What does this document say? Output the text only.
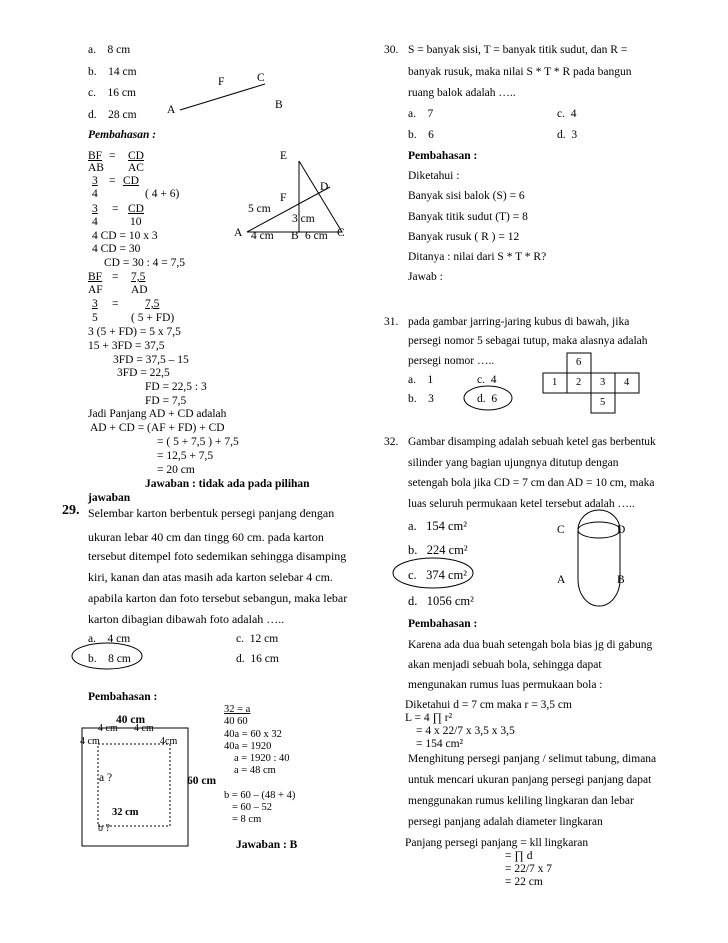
a. 8 cm
b. 14 cm
c. 16 cm
d. 28 cm
F	C
A	B
Pembahasan :
E
D
F
5 cm
3 cm
A 4 cm B 6 cm C
BF = CD
AB AC
3 = CD
4	( 4 + 6)
3 = CD
4	10
4 CD = 10 x 3
4 CD = 30
CD = 30 : 4 = 7,5
BF = 7,5
AF AD
3 = 7,5
5	( 5 + FD)
3 (5 + FD) = 5 x 7,5
15 + 3FD = 37,5
3FD = 37,5 – 15
3FD = 22,5
FD = 22,5 : 3
FD = 7,5
Jadi Panjang AD + CD adalah
AD + CD = (AF + FD) + CD
= ( 5 + 7,5 ) + 7,5
= 12,5 + 7,5
= 20 cm
Jawaban : tidak ada pada pilihan
jawaban
29. Selembar karton berbentuk persegi panjang dengan
ukuran lebar 40 cm dan tingg 60 cm. pada karton
tersebut ditempel foto sedemikan sehingga disamping
kiri, kanan dan atas masih ada karton selebar 4 cm.
apabila karton dan foto tersebut sebangun, maka lebar
karton dibagian dibawah foto adalah …..
a. 4 cm	c. 12 cm
b. 8 cm	d. 16 cm
Pembahasan :
40 cm
4 cm 4 cm
4 cm	4cm
a ?	60 cm
32 cm
b ?
32 = a
40 60
40a = 60 x 32
40a = 1920
a = 1920 : 40
a = 48 cm
b = 60 – (48 + 4)
= 60 – 52
= 8 cm
Jawaban : B
30. S = banyak sisi, T = banyak titik sudut, dan R =
banyak rusuk, maka nilai S * T * R pada bangun
ruang balok adalah …..
a. 7	c. 4
b. 6	d. 3
Pembahasan :
Diketahui :
Banyak sisi balok (S) = 6
Banyak titik sudut (T) = 8
Banyak rusuk ( R ) = 12
Ditanya : nilai dari S * T * R?
Jawab :
31. pada gambar jarring-jaring kubus di bawah, jika
persegi nomor 5 sebagai tutup, maka alasnya adalah
persegi nomor …..
a. 1	c. 4
b. 3	d. 6
6
1 2 3 4
5
32. Gambar disamping adalah sebuah ketel gas berbentuk
silinder yang bagian ujungnya ditutup dengan
setengah bola jika CD = 7 cm dan AD = 10 cm, maka
luas seluruh permukaan ketel tersebut adalah …..
a. 154 cm²
b. 224 cm²
c. 374 cm²
d. 1056 cm²
C	D
A	B
Pembahasan :
Karena ada dua buah setengah bola bias jg di gabung
akan menjadi sebuah bola, sehingga dapat
mengunakan rumus luas permukaan bola :
Diketahui d = 7 cm maka r = 3,5 cm
L = 4 ∏ r²
= 4 x 22/7 x 3,5 x 3,5
= 154 cm²
Menghitung persegi panjang / selimut tabung, dimana
untuk mencari ukuran panjang persegi panjang dapat
menggunakan rumus keliling lingkaran dan lebar
persegi panjang adalah diameter lingkaran
Panjang persegi panjang = kll lingkaran
= ∏ d
= 22/7 x 7
= 22 cm
